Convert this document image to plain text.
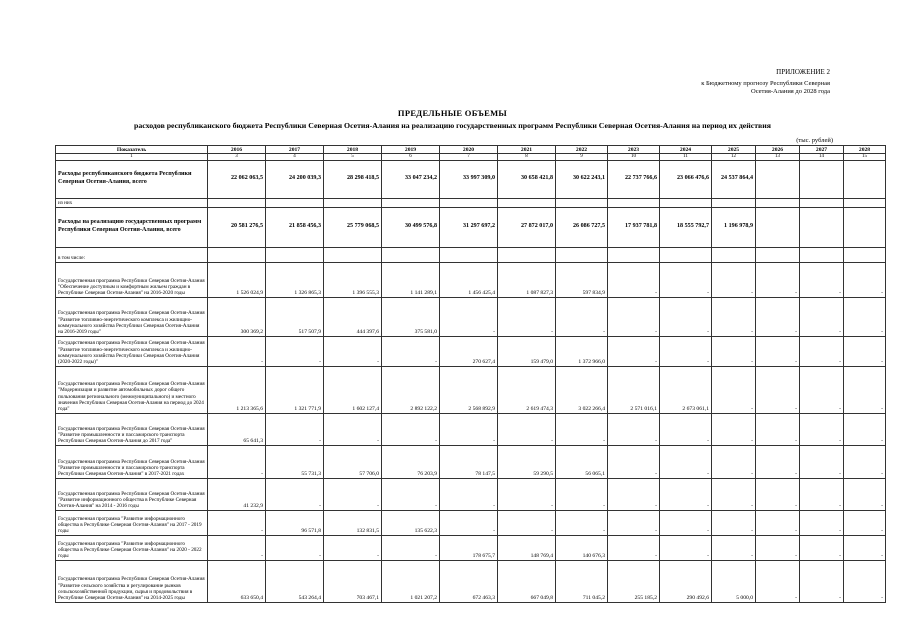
ПРИЛОЖЕНИЕ 2
к Бюджетному прогнозу Республики Северная
Осетия-Алания до 2028 года
ПРЕДЕЛЬНЫЕ ОБЪЕМЫ
расходов республиканского бюджета Республики Северная Осетия-Алания на реализацию государственных программ Республики Северная Осетия-Алания на период их действия
(тыс. рублей)
Показатель	2016	2017	2018	2019	2020	2021	2022	2023	2024	2025	2026	2027	2028
1	3	4	5	6	7	8	9	10	11	12	13	14	15
Расходы республиканского бюджета Республики Северная Осетия-Алания, всего	22 062 063,5	24 200 039,3	28 298 418,5	33 047 234,2	33 997 309,0	30 658 421,8	30 622 243,1	22 737 766,6	23 066 476,6	24 537 864,4			
из них													
Расходы на реализацию государственных программ Республики Северная Осетия-Алания, всего	20 581 276,5	21 858 456,3	25 779 068,5	30 499 576,8	31 297 697,2	27 872 017,0	26 086 727,5	17 937 781,8	18 555 792,7	1 196 978,9			
в том числе:													
Государственная программа Республики Северная Осетия-Алания "Обеспечение доступным и комфортным жильем граждан в Республике Северная Осетия-Алания" на 2016-2020 годы	1 526 024,9	1 326 865,3	1 396 555,3	1 141 289,1	1 456 425,4	1 087 827,3	597 834,9	-	-	-	-	-	-
Государственная программа Республики Северная Осетия-Алания "Развитие топливно-энергетического комплекса и жилищно-коммунального хозяйства Республики Северная Осетия-Алания на 2016-2019 годы"	300 369,2	517 507,9	444 397,6	375 581,0	-	-	-	-	-	-	-	-	-
Государственная программа Республики Северная Осетия-Алания "Развитие топливно-энергетического комплекса и жилищно-коммунального хозяйства Республики Северная Осетия-Алания (2020-2022 годы)"	-	-	-	-	270 627,4	159 479,0	1 372 966,0	-	-	-	-	-	-
Государственная программа Республики Северная Осетия-Алания "Модернизация и развитие автомобильных дорог общего пользования регионального (межмуниципального) и местного значения Республики Северная Осетия-Алания на период до 2024 года"	1 213 365,6	1 321 771,9	1 602 127,4	2 892 122,2	2 568 892,9	2 619 474,3	3 022 266,4	2 571 016,1	2 673 061,1	-	-	-	-
Государственная программа Республики Северная Осетия-Алания "Развитие промышленности и пассажирского транспорта Республики Северная Осетия-Алания до 2017 года"	65 641,3	-	-	-	-	-	-	-	-	-	-	-	-
Государственная программа Республики Северная Осетия-Алания "Развитие промышленности и пассажирского транспорта Республики Северная Осетия-Алания" в 2017-2021 годах	-	55 731,3	57 706,0	76 203,9	78 147,5	59 290,5	56 065,1	-	-	-	-	-	-
Государственная программа Республики Северная Осетия-Алания "Развитие информационного общества в Республике Северная Осетия-Алания" на 2014 - 2016 годы	41 232,9	-	-	-	-	-	-	-	-	-	-	-	-
Государственная программа "Развитие информационного общества в Республике Северная Осетия-Алания" на 2017 - 2019 годы	-	96 571,8	132 831,5	135 622,3	-	-	-	-	-	-	-	-	-
Государственная программа "Развитие информационного общества в Республике Северная Осетия-Алания" на 2020 - 2022 годы	-	-	-	-	178 675,7	148 769,4	140 676,3	-	-	-	-	-	-
Государственная программа Республики Северная Осетия-Алания "Развитие сельского хозяйства и регулирование рынков сельскохозяйственной продукции, сырья и продовольствия в Республике Северная Осетия-Алания" на 2014-2025 годы	633 650,4	543 264,4	703 467,1	1 021 207,2	672 463,3	667 049,8	711 045,2	255 185,2	290 492,6	5 000,0	-	-	-
